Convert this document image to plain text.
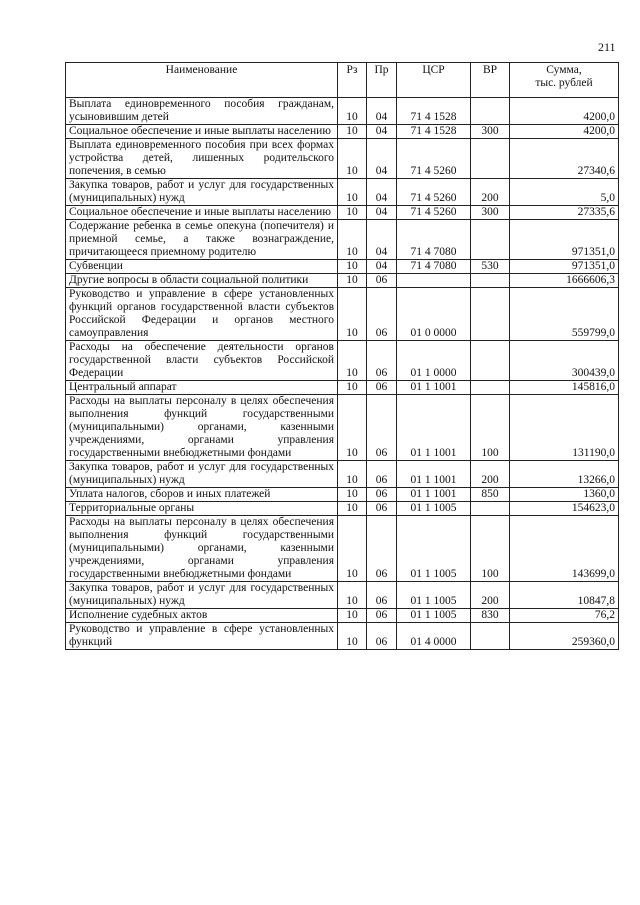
211
Наименование	Рз	Пр	ЦСР	ВР	Сумма,
тыс. рублей
Выплата единовременного пособия гражданам, усыновившим детей	10	04	71 4 1528		4200,0
Социальное обеспечение и иные выплаты населению	10	04	71 4 1528	300	4200,0
Выплата единовременного пособия при всех формах устройства детей, лишенных родительского попечения, в семью	10	04	71 4 5260		27340,6
Закупка товаров, работ и услуг для государственных (муниципальных) нужд	10	04	71 4 5260	200	5,0
Социальное обеспечение и иные выплаты населению	10	04	71 4 5260	300	27335,6
Содержание ребенка в семье опекуна (попечителя) и приемной семье, а также вознаграждение, причитающееся приемному родителю	10	04	71 4 7080		971351,0
Субвенции	10	04	71 4 7080	530	971351,0
Другие вопросы в области социальной политики	10	06			1666606,3
Руководство и управление в сфере установленных функций органов государственной власти субъектов Российской Федерации и органов местного самоуправления	10	06	01 0 0000		559799,0
Расходы на обеспечение деятельности органов государственной власти субъектов Российской Федерации	10	06	01 1 0000		300439,0
Центральный аппарат	10	06	01 1 1001		145816,0
Расходы на выплаты персоналу в целях обеспечения выполнения функций государственными (муниципальными) органами, казенными учреждениями, органами управления государственными внебюджетными фондами	10	06	01 1 1001	100	131190,0
Закупка товаров, работ и услуг для государственных (муниципальных) нужд	10	06	01 1 1001	200	13266,0
Уплата налогов, сборов и иных платежей	10	06	01 1 1001	850	1360,0
Территориальные органы	10	06	01 1 1005		154623,0
Расходы на выплаты персоналу в целях обеспечения выполнения функций государственными (муниципальными) органами, казенными учреждениями, органами управления государственными внебюджетными фондами	10	06	01 1 1005	100	143699,0
Закупка товаров, работ и услуг для государственных (муниципальных) нужд	10	06	01 1 1005	200	10847,8
Исполнение судебных актов	10	06	01 1 1005	830	76,2
Руководство и управление в сфере установленных функций	10	06	01 4 0000		259360,0
